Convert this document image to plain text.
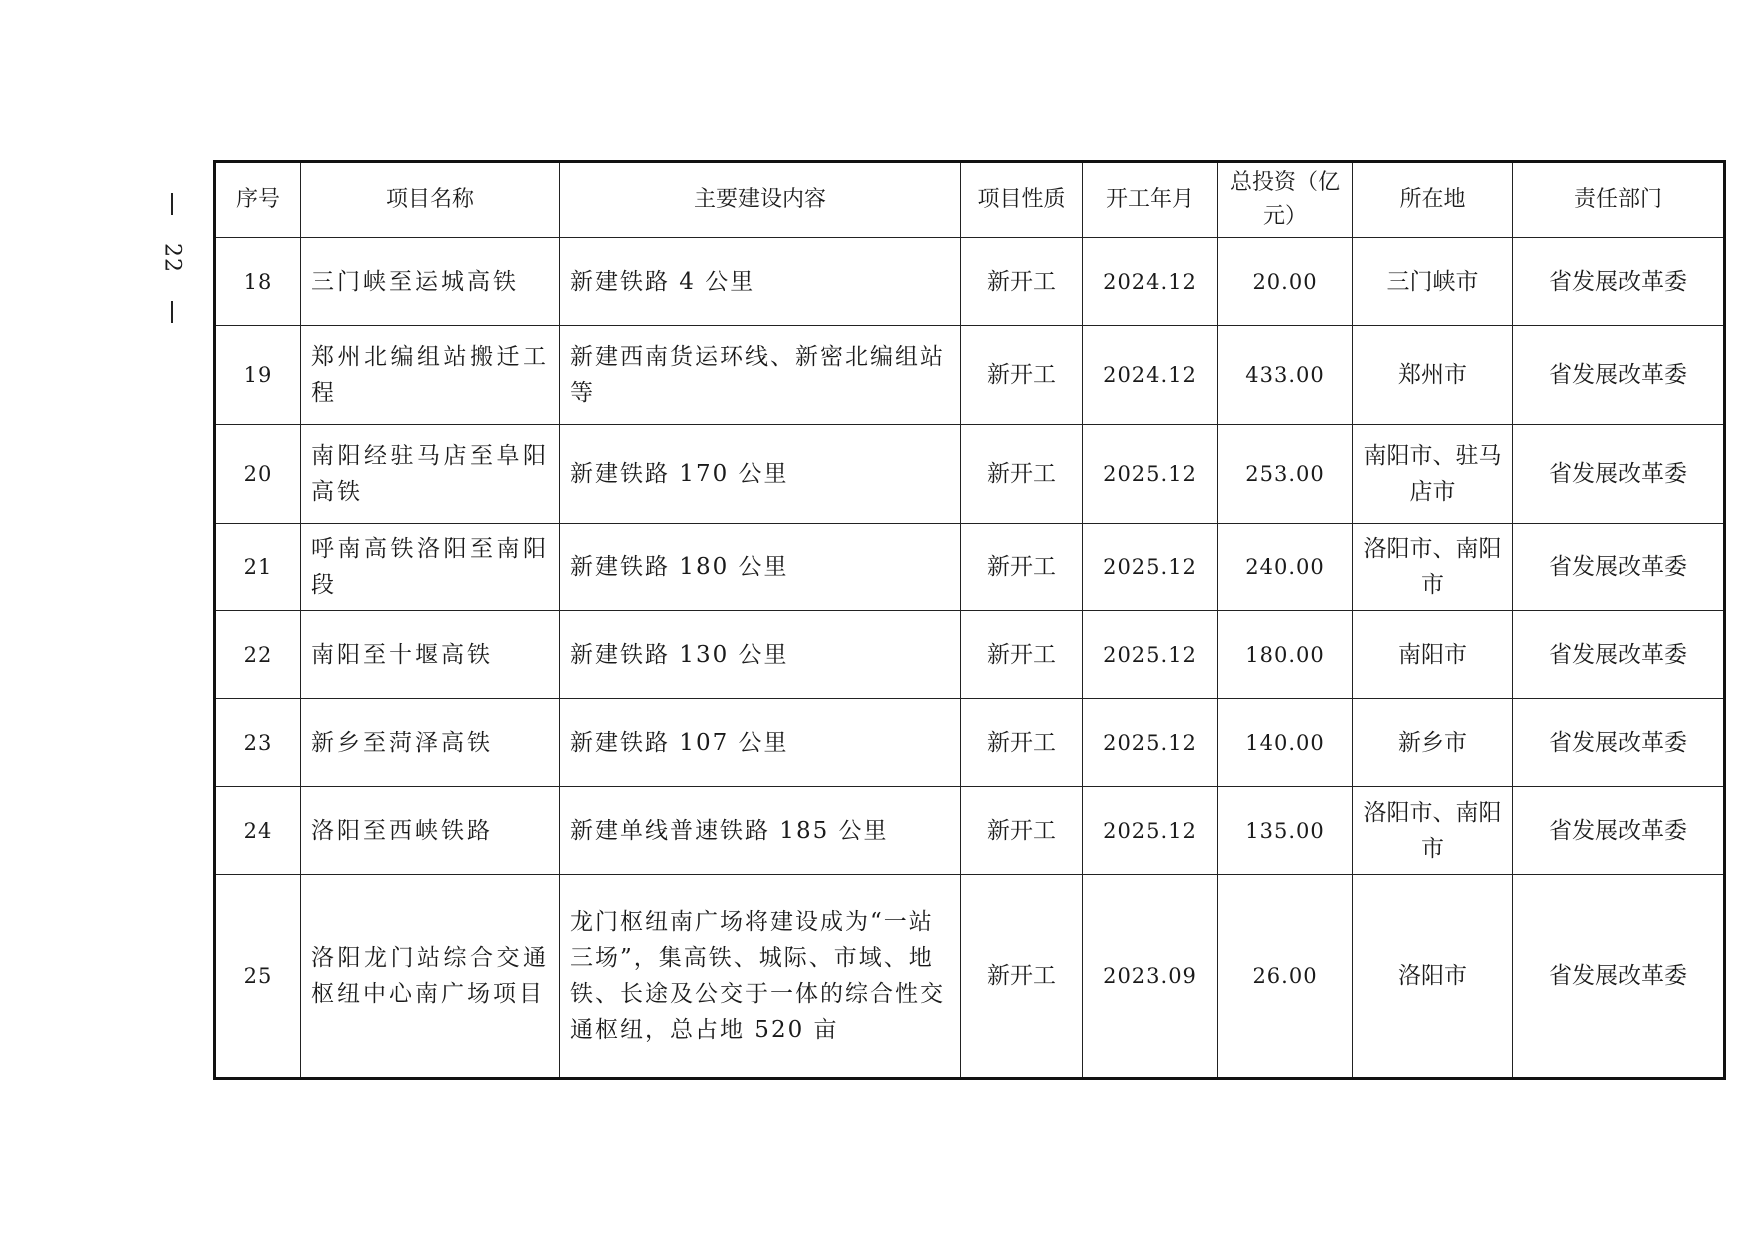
22
序号	项目名称	主要建设内容	项目性质	开工年月	总投资（亿元）	所在地	责任部门
18	三门峡至运城高铁	新建铁路 4 公里	新开工	2024.12	20.00	三门峡市	省发展改革委
19	郑州北编组站搬迁工程	新建西南货运环线、新密北编组站等	新开工	2024.12	433.00	郑州市	省发展改革委
20	南阳经驻马店至阜阳高铁	新建铁路 170 公里	新开工	2025.12	253.00	南阳市、驻马店市	省发展改革委
21	呼南高铁洛阳至南阳段	新建铁路 180 公里	新开工	2025.12	240.00	洛阳市、南阳市	省发展改革委
22	南阳至十堰高铁	新建铁路 130 公里	新开工	2025.12	180.00	南阳市	省发展改革委
23	新乡至菏泽高铁	新建铁路 107 公里	新开工	2025.12	140.00	新乡市	省发展改革委
24	洛阳至西峡铁路	新建单线普速铁路 185 公里	新开工	2025.12	135.00	洛阳市、南阳市	省发展改革委
25	洛阳龙门站综合交通枢纽中心南广场项目	龙门枢纽南广场将建设成为“一站三场”，集高铁、城际、市域、地铁、长途及公交于一体的综合性交通枢纽，总占地 520 亩	新开工	2023.09	26.00	洛阳市	省发展改革委
